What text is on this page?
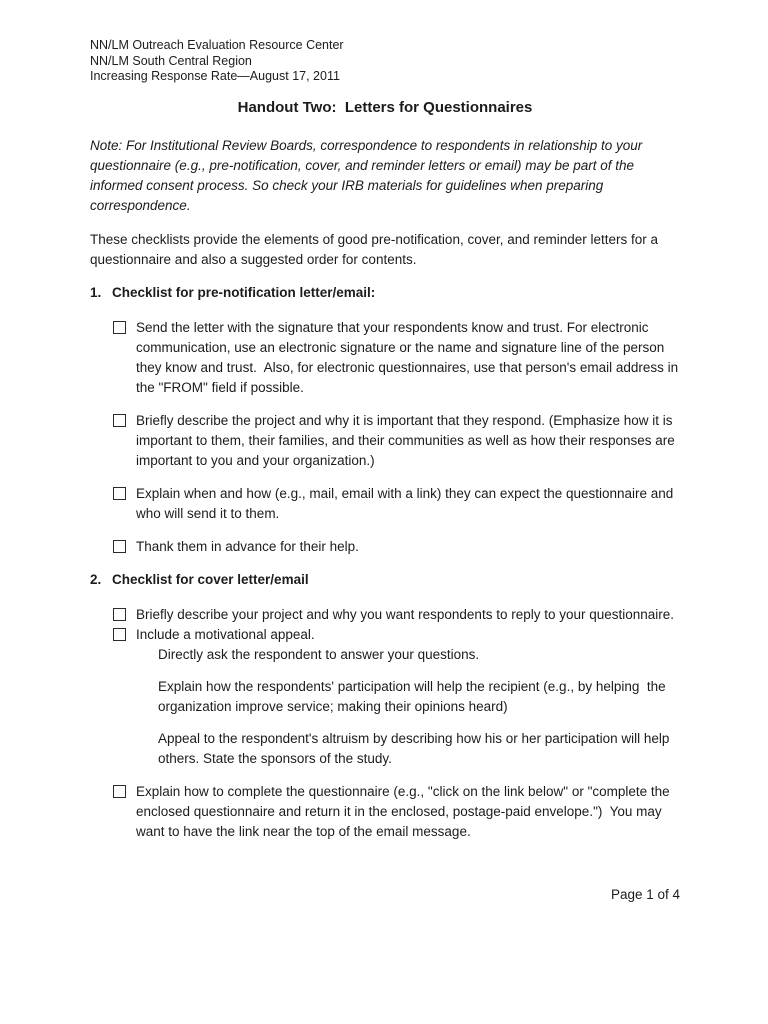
NN/LM Outreach Evaluation Resource Center
NN/LM South Central Region
Increasing Response Rate—August 17, 2011
Handout Two:  Letters for Questionnaires

Note: For Institutional Review Boards, correspondence to respondents in relationship to your questionnaire (e.g., pre-notification, cover, and reminder letters or email) may be part of the informed consent process. So check your IRB materials for guidelines when preparing correspondence.

These checklists provide the elements of good pre-notification, cover, and reminder letters for a questionnaire and also a suggested order for contents.

1. Checklist for pre-notification letter/email:
Send the letter with the signature that your respondents know and trust. For electronic communication, use an electronic signature or the name and signature line of the person they know and trust.  Also, for electronic questionnaires, use that person's email address in the "FROM" field if possible.
Briefly describe the project and why it is important that they respond. (Emphasize how it is important to them, their families, and their communities as well as how their responses are important to you and your organization.)
Explain when and how (e.g., mail, email with a link) they can expect the questionnaire and who will send it to them.
Thank them in advance for their help.
2. Checklist for cover letter/email
Briefly describe your project and why you want respondents to reply to your questionnaire.
Include a motivational appeal.

Directly ask the respondent to answer your questions.

Explain how the respondents' participation will help the recipient (e.g., by helping  the organization improve service; making their opinions heard)

Appeal to the respondent's altruism by describing how his or her participation will help others. State the sponsors of the study.

Explain how to complete the questionnaire (e.g., "click on the link below" or "complete the enclosed questionnaire and return it in the enclosed, postage-paid envelope.")  You may want to have the link near the top of the email message.
Page 1 of 4
